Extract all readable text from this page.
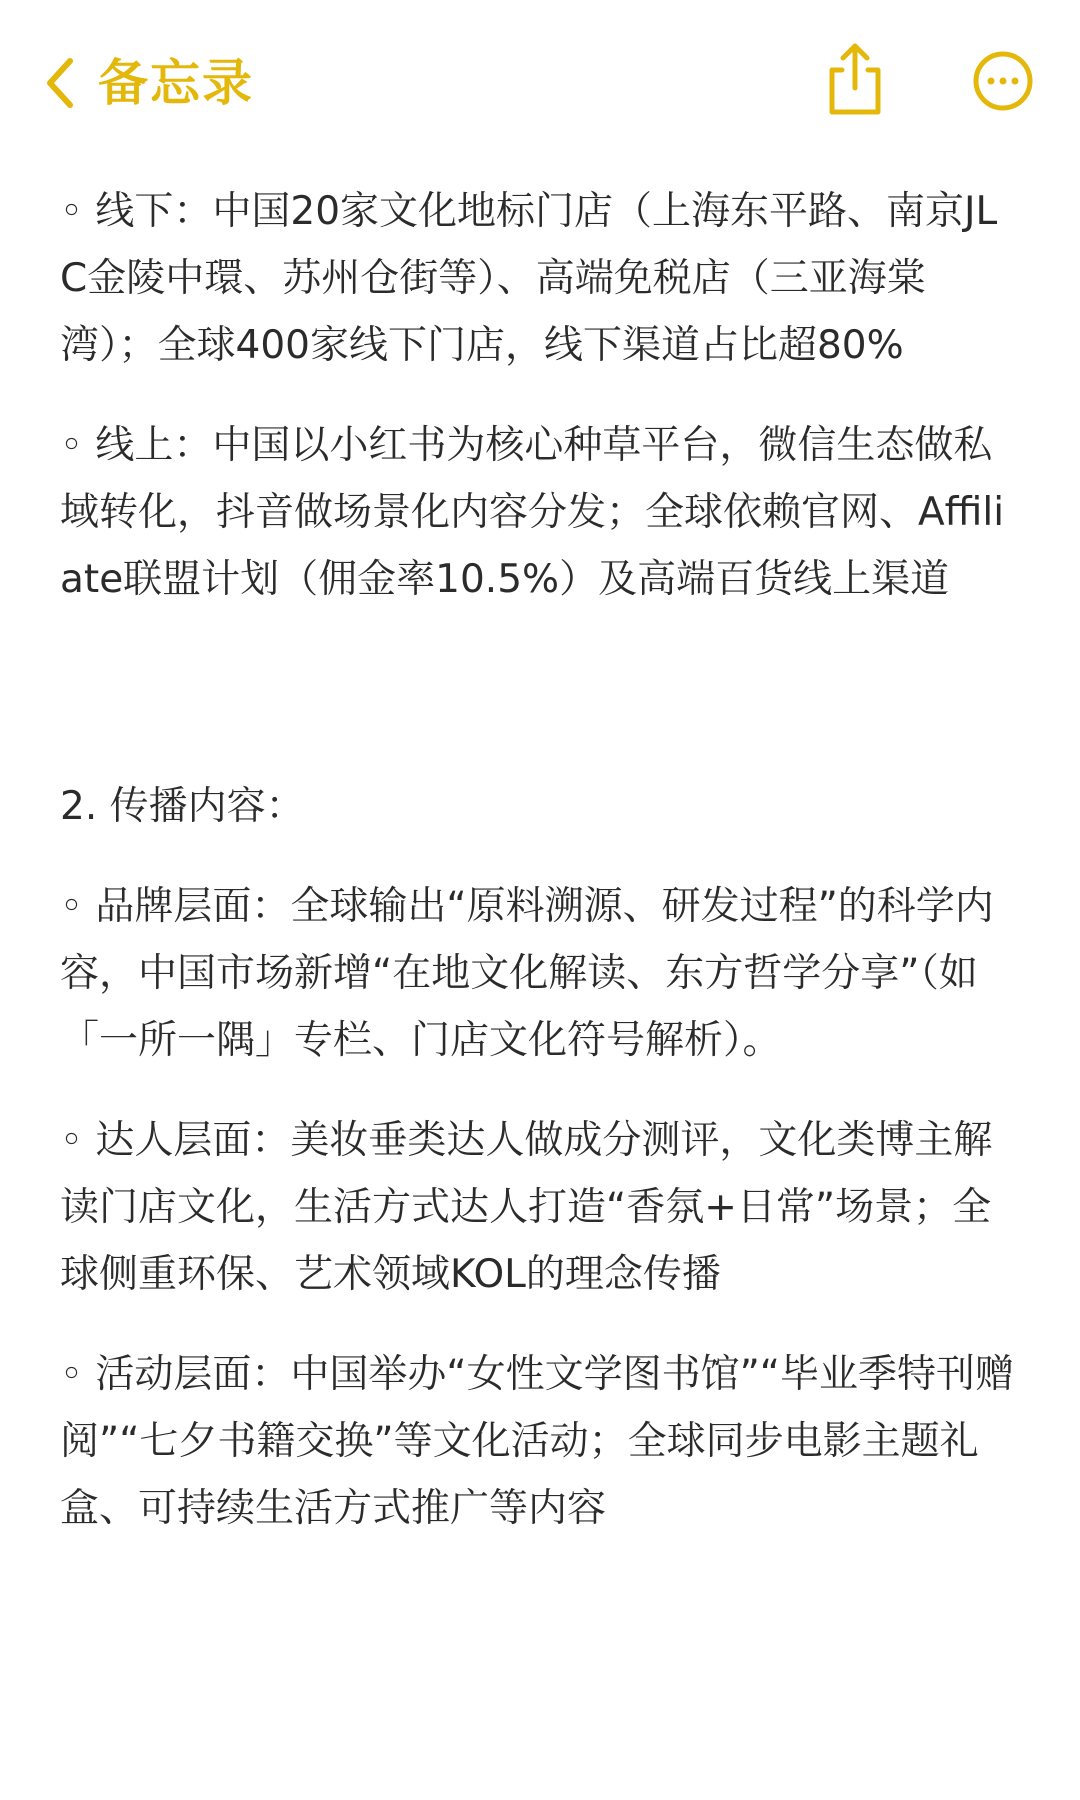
备忘录

◦ 线下：中国20家文化地标门店（上海东平路、南京JLC金陵中環、苏州仓街等）、高端免税店（三亚海棠湾）；全球400家线下门店，线下渠道占比超80%

◦ 线上：中国以小红书为核心种草平台，微信生态做私域转化，抖音做场景化内容分发；全球依赖官网、Affiliate联盟计划（佣金率10.5%）及高端百货线上渠道

2. 传播内容：

◦ 品牌层面：全球输出“原料溯源、研发过程”的科学内容，中国市场新增“在地文化解读、东方哲学分享”（如「一所一隅」专栏、门店文化符号解析）。

◦ 达人层面：美妆垂类达人做成分测评，文化类博主解读门店文化，生活方式达人打造“香氛+日常”场景；全球侧重环保、艺术领域KOL的理念传播

◦ 活动层面：中国举办“女性文学图书馆”“毕业季特刊赠阅”“七夕书籍交换”等文化活动；全球同步电影主题礼盒、可持续生活方式推广等内容
